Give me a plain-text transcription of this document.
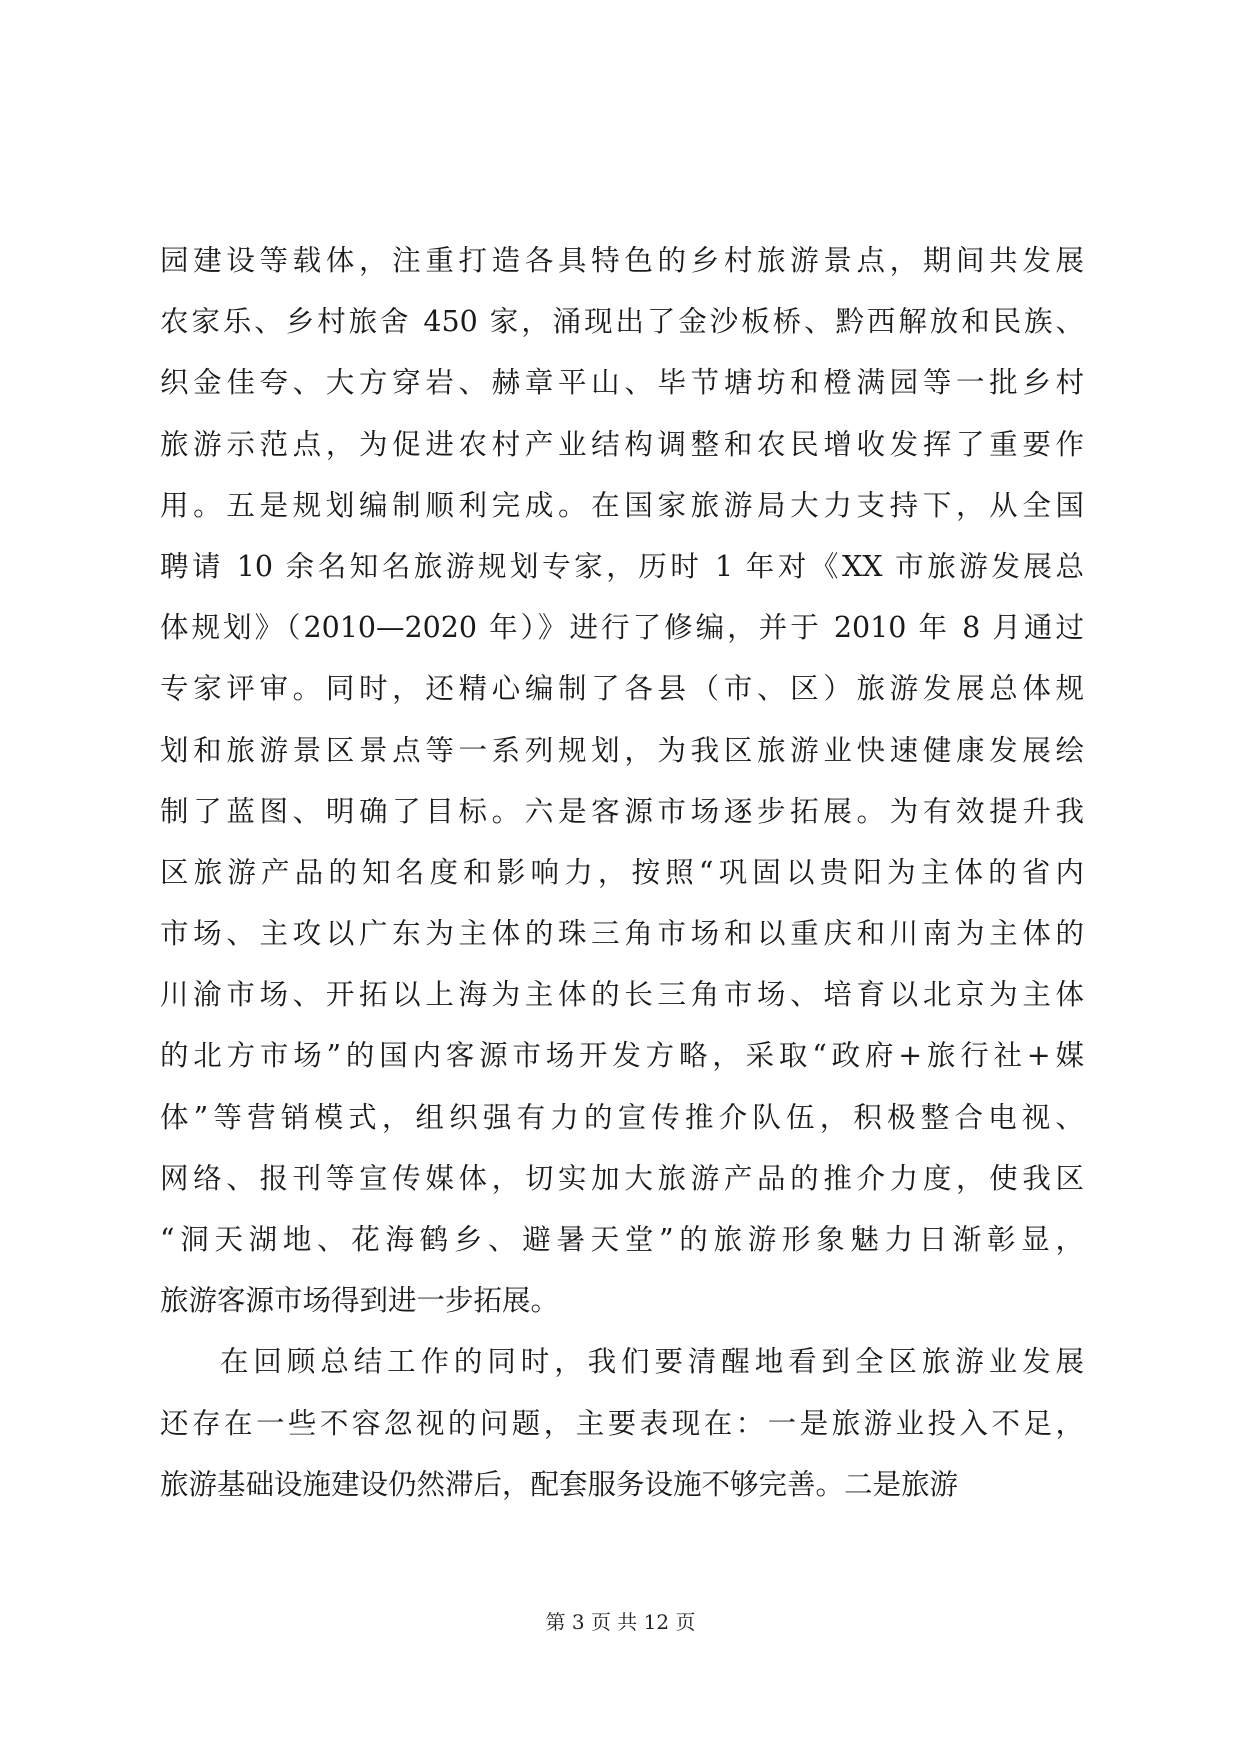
园建设等载体，注重打造各具特色的乡村旅游景点，期间共发展
农家乐、乡村旅舍 450 家，涌现出了金沙板桥、黔西解放和民族、
织金佳夸、大方穿岩、赫章平山、毕节塘坊和橙满园等一批乡村
旅游示范点，为促进农村产业结构调整和农民增收发挥了重要作
用。五是规划编制顺利完成。在国家旅游局大力支持下，从全国
聘请 10 余名知名旅游规划专家，历时 1 年对《XX 市旅游发展总
体规划》（2010—2020 年）》进行了修编，并于 2010 年 8 月通过
专家评审。同时，还精心编制了各县（市、区）旅游发展总体规
划和旅游景区景点等一系列规划，为我区旅游业快速健康发展绘
制了蓝图、明确了目标。六是客源市场逐步拓展。为有效提升我
区旅游产品的知名度和影响力，按照“巩固以贵阳为主体的省内
市场、主攻以广东为主体的珠三角市场和以重庆和川南为主体的
川渝市场、开拓以上海为主体的长三角市场、培育以北京为主体
的北方市场”的国内客源市场开发方略，采取“政府+旅行社+媒
体”等营销模式，组织强有力的宣传推介队伍，积极整合电视、
网络、报刊等宣传媒体，切实加大旅游产品的推介力度，使我区
“洞天湖地、花海鹤乡、避暑天堂”的旅游形象魅力日渐彰显，
旅游客源市场得到进一步拓展。
在回顾总结工作的同时，我们要清醒地看到全区旅游业发展
还存在一些不容忽视的问题，主要表现在：一是旅游业投入不足，
旅游基础设施建设仍然滞后，配套服务设施不够完善。二是旅游
第 3 页 共 12 页
